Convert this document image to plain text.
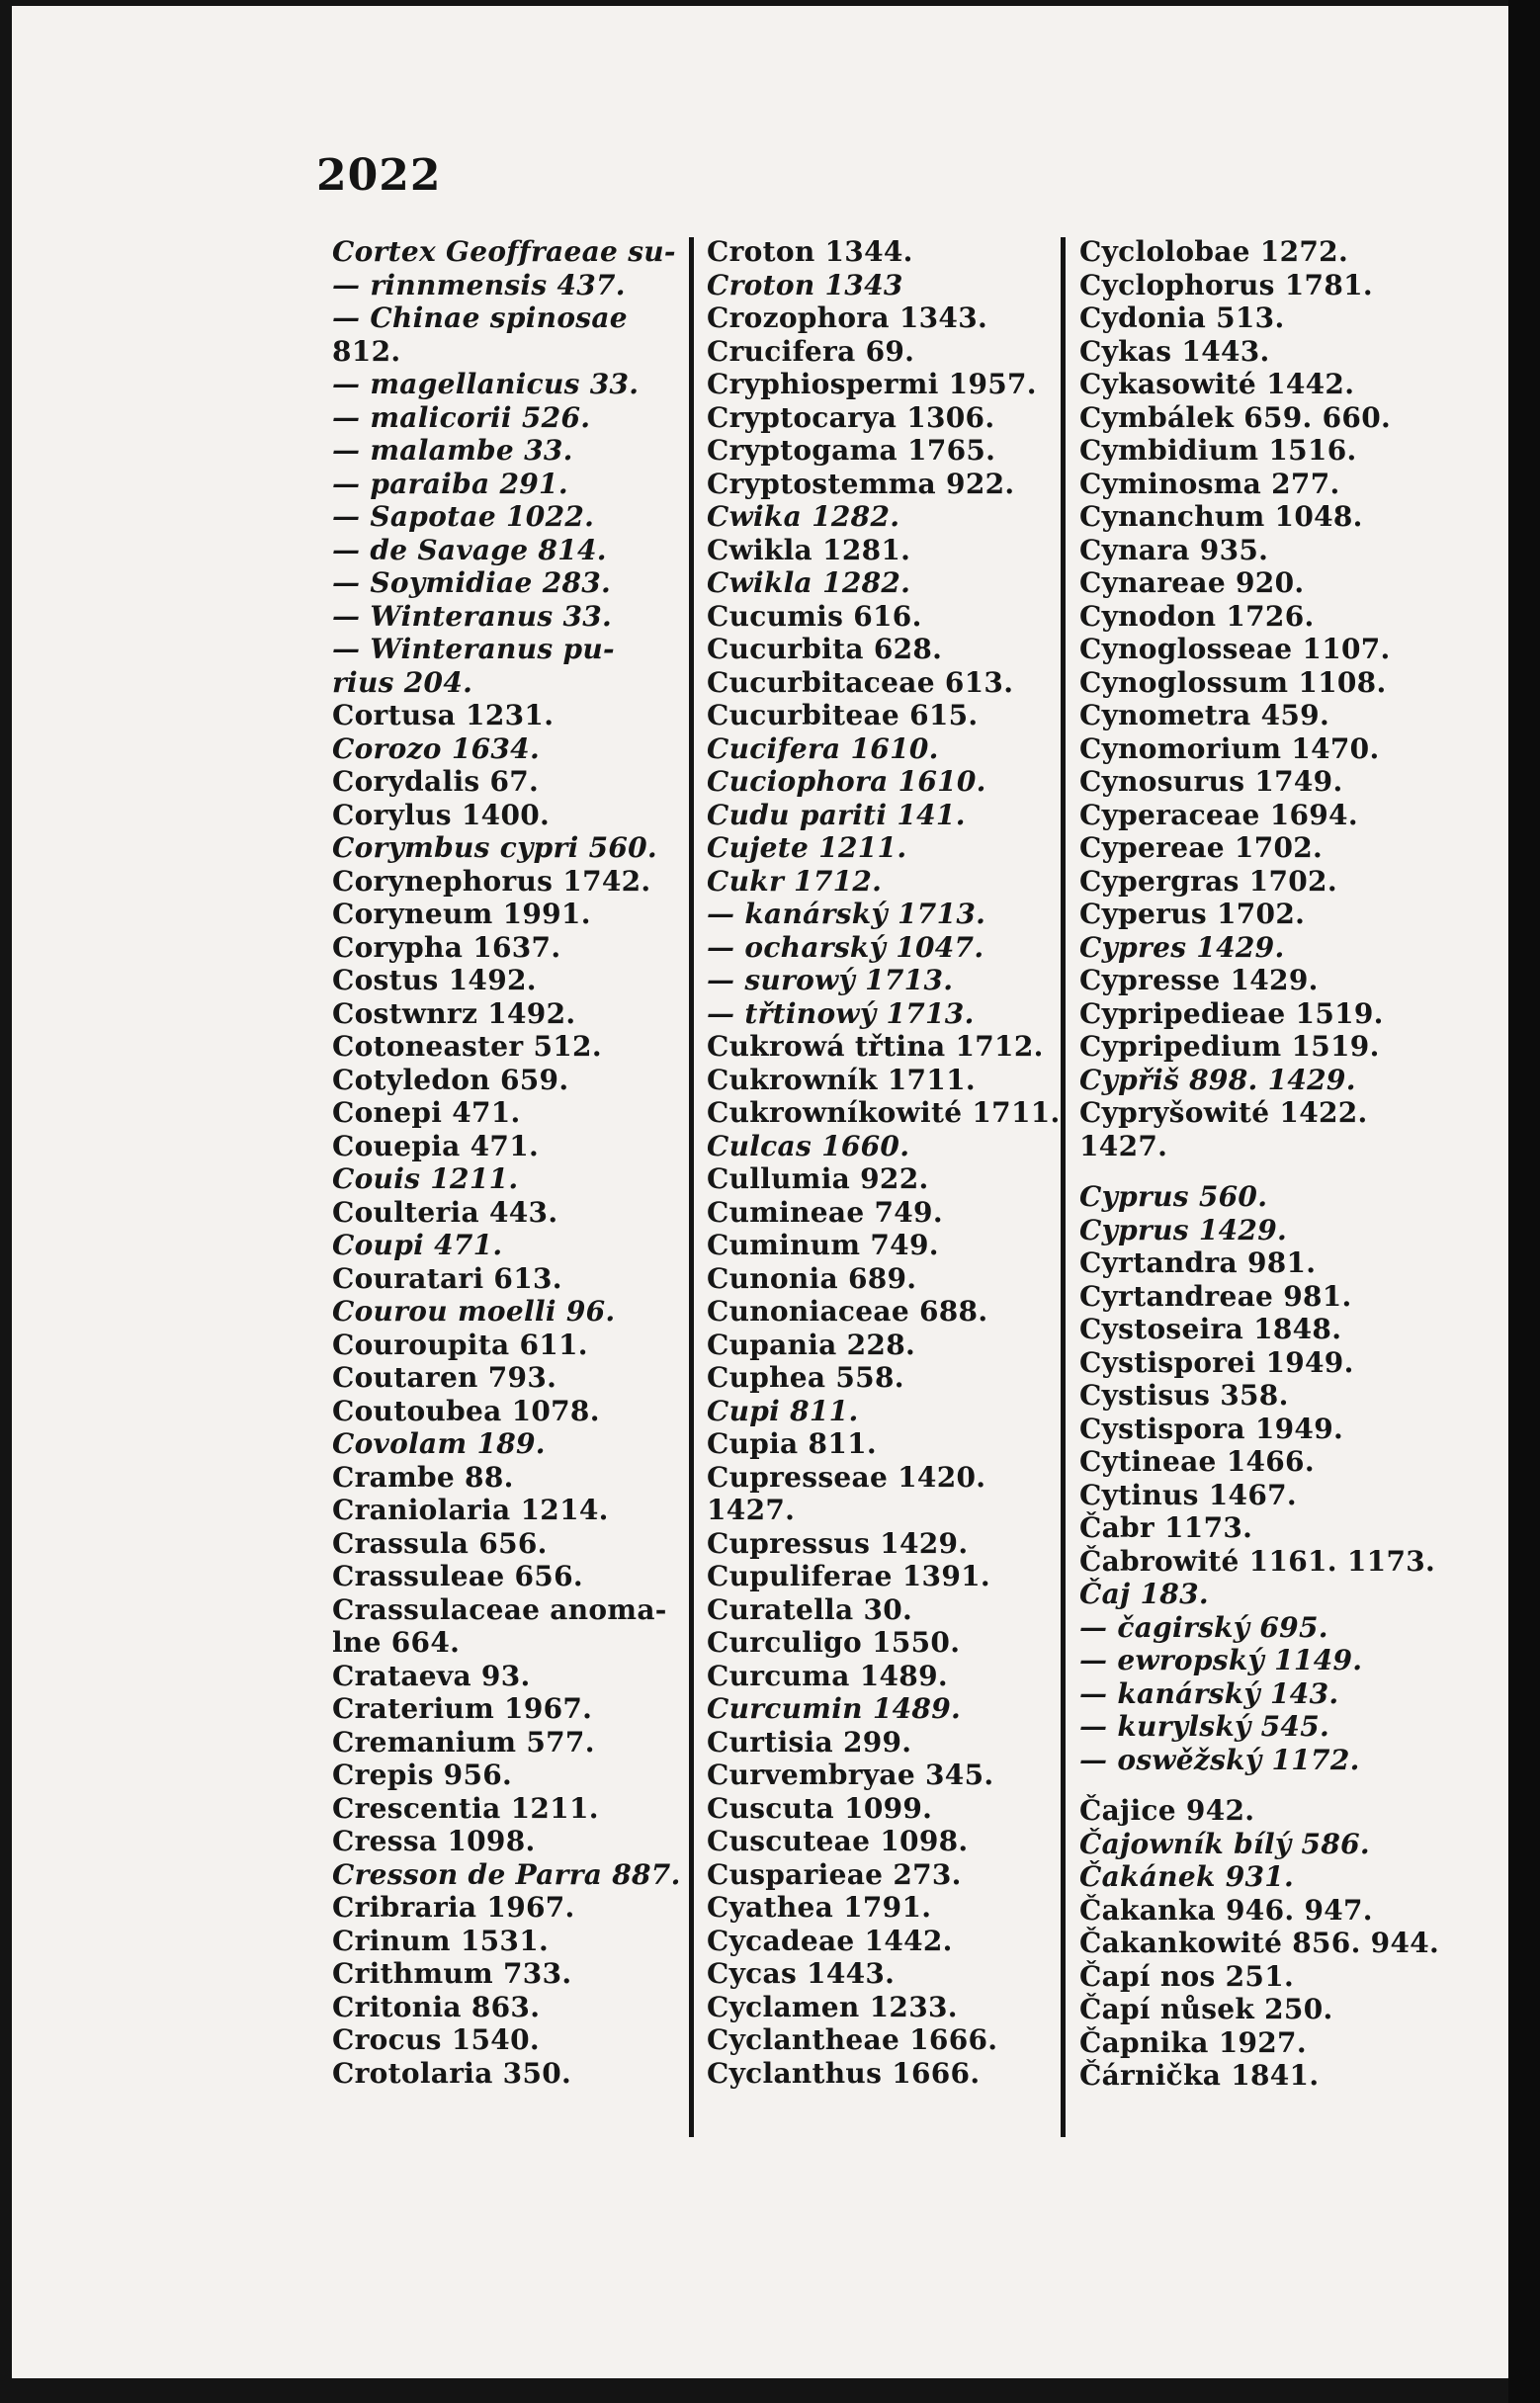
2022
Cortex Geoffraeae su-
— rinnmensis 437.
— Chinae spinosae
812.
— magellanicus 33.
— malicorii 526.
— malambe 33.
— paraiba 291.
— Sapotae 1022.
— de Savage 814.
— Soymidiae 283.
— Winteranus 33.
— Winteranus pu-
rius 204.
Cortusa 1231.
Corozo 1634.
Corydalis 67.
Corylus 1400.
Corymbus cypri 560.
Corynephorus 1742.
Coryneum 1991.
Corypha 1637.
Costus 1492.
Costwnrz 1492.
Cotoneaster 512.
Cotyledon 659.
Conepi 471.
Couepia 471.
Couis 1211.
Coulteria 443.
Coupi 471.
Couratari 613.
Courou moelli 96.
Couroupita 611.
Coutaren 793.
Coutoubea 1078.
Covolam 189.
Crambe 88.
Craniolaria 1214.
Crassula 656.
Crassuleae 656.
Crassulaceae anoma-
lne 664.
Crataeva 93.
Craterium 1967.
Cremanium 577.
Crepis 956.
Crescentia 1211.
Cressa 1098.
Cresson de Parra 887.
Cribraria 1967.
Crinum 1531.
Crithmum 733.
Critonia 863.
Crocus 1540.
Crotolaria 350.
Croton 1344.
Croton 1343
Crozophora 1343.
Crucifera 69.
Cryphiospermi 1957.
Cryptocarya 1306.
Cryptogama 1765.
Cryptostemma 922.
Cwika 1282.
Cwikla 1281.
Cwikla 1282.
Cucumis 616.
Cucurbita 628.
Cucurbitaceae 613.
Cucurbiteae 615.
Cucifera 1610.
Cuciophora 1610.
Cudu pariti 141.
Cujete 1211.
Cukr 1712.
— kanárský 1713.
— ocharský 1047.
— surowý 1713.
— třtinowý 1713.
Cukrowá třtina 1712.
Cukrowník 1711.
Cukrowníkowité 1711.
Culcas 1660.
Cullumia 922.
Cumineae 749.
Cuminum 749.
Cunonia 689.
Cunoniaceae 688.
Cupania 228.
Cuphea 558.
Cupi 811.
Cupia 811.
Cupresseae 1420.
1427.
Cupressus 1429.
Cupuliferae 1391.
Curatella 30.
Curculigo 1550.
Curcuma 1489.
Curcumin 1489.
Curtisia 299.
Curvembryae 345.
Cuscuta 1099.
Cuscuteae 1098.
Cusparieae 273.
Cyathea 1791.
Cycadeae 1442.
Cycas 1443.
Cyclamen 1233.
Cyclantheae 1666.
Cyclanthus 1666.
Cyclolobae 1272.
Cyclophorus 1781.
Cydonia 513.
Cykas 1443.
Cykasowité 1442.
Cymbálek 659. 660.
Cymbidium 1516.
Cyminosma 277.
Cynanchum 1048.
Cynara 935.
Cynareae 920.
Cynodon 1726.
Cynoglosseae 1107.
Cynoglossum 1108.
Cynometra 459.
Cynomorium 1470.
Cynosurus 1749.
Cyperaceae 1694.
Cypereae 1702.
Cypergras 1702.
Cyperus 1702.
Cypres 1429.
Cypresse 1429.
Cypripedieae 1519.
Cypripedium 1519.
Cypřiš 898. 1429.
Cypryšowité 1422.
1427.
Cyprus 560.
Cyprus 1429.
Cyrtandra 981.
Cyrtandreae 981.
Cystoseira 1848.
Cystisporei 1949.
Cystisus 358.
Cystispora 1949.
Cytineae 1466.
Cytinus 1467.
Čabr 1173.
Čabrowité 1161. 1173.
Čaj 183.
— čagirský 695.
— ewropský 1149.
— kanárský 143.
— kurylský 545.
— oswěžský 1172.
Čajice 942.
Čajowník bílý 586.
Čakánek 931.
Čakanka 946. 947.
Čakankowité 856. 944.
Čapí nos 251.
Čapí nůsek 250.
Čapnika 1927.
Čárnička 1841.
